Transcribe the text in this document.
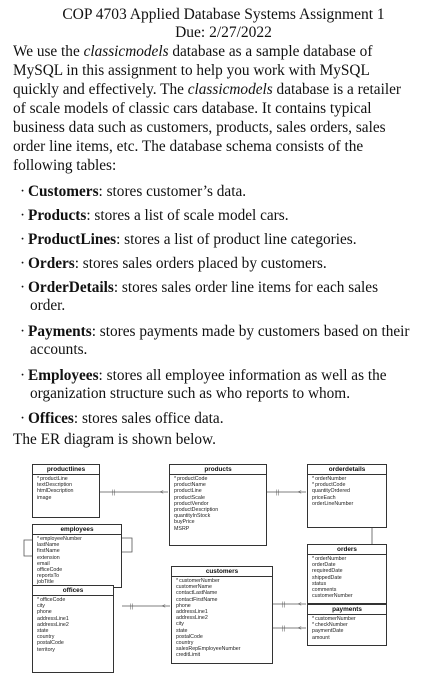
COP 4703 Applied Database Systems Assignment 1
Due: 2/27/2022

We use the classicmodels database as a sample database of

MySQL in this assignment to help you work with MySQL

quickly and effectively. The classicmodels database is a retailer

of scale models of classic cars database. It contains typical

business data such as customers, products, sales orders, sales

order line items, etc. The database schema consists of the

following tables:

· Customers: stores customer’s data.
· Products: stores a list of scale model cars.
· ProductLines: stores a list of product line categories.
· Orders: stores sales orders placed by customers.
· OrderDetails: stores sales order line items for each sales
order.
· Payments: stores payments made by customers based on their
accounts.
· Employees: stores all employee information as well as the
organization structure such as who reports to whom.
· Offices: stores sales office data.
The ER diagram is shown below.
||	<	||	<
|| <
|| <
||	<
productlines
* productLine
textDescription
htmlDescription
image
products
* productCode
productName
productLine
productScale
productVendor
productDescription
quantityInStock
buyPrice
MSRP
orderdetails
* orderNumber
* productCode
quantityOrdered
priceEach
orderLineNumber
employees
* employeeNumber
lastName
firstName
extension
email
officeCode
reportsTo
jobTitle
orders
* orderNumber
orderDate
requiredDate
shippedDate
status
comments
customerNumber
customers
* customerNumber
customerName
contactLastName
contactFirstName
phone
addressLine1
addressLine2
city
state
postalCode
country
salesRepEmployeeNumber
creditLimit
offices
* officeCode
city
phone
addressLine1
addressLine2
state
country
postalCode
territory
payments
* customerNumber
* checkNumber
paymentDate
amount
